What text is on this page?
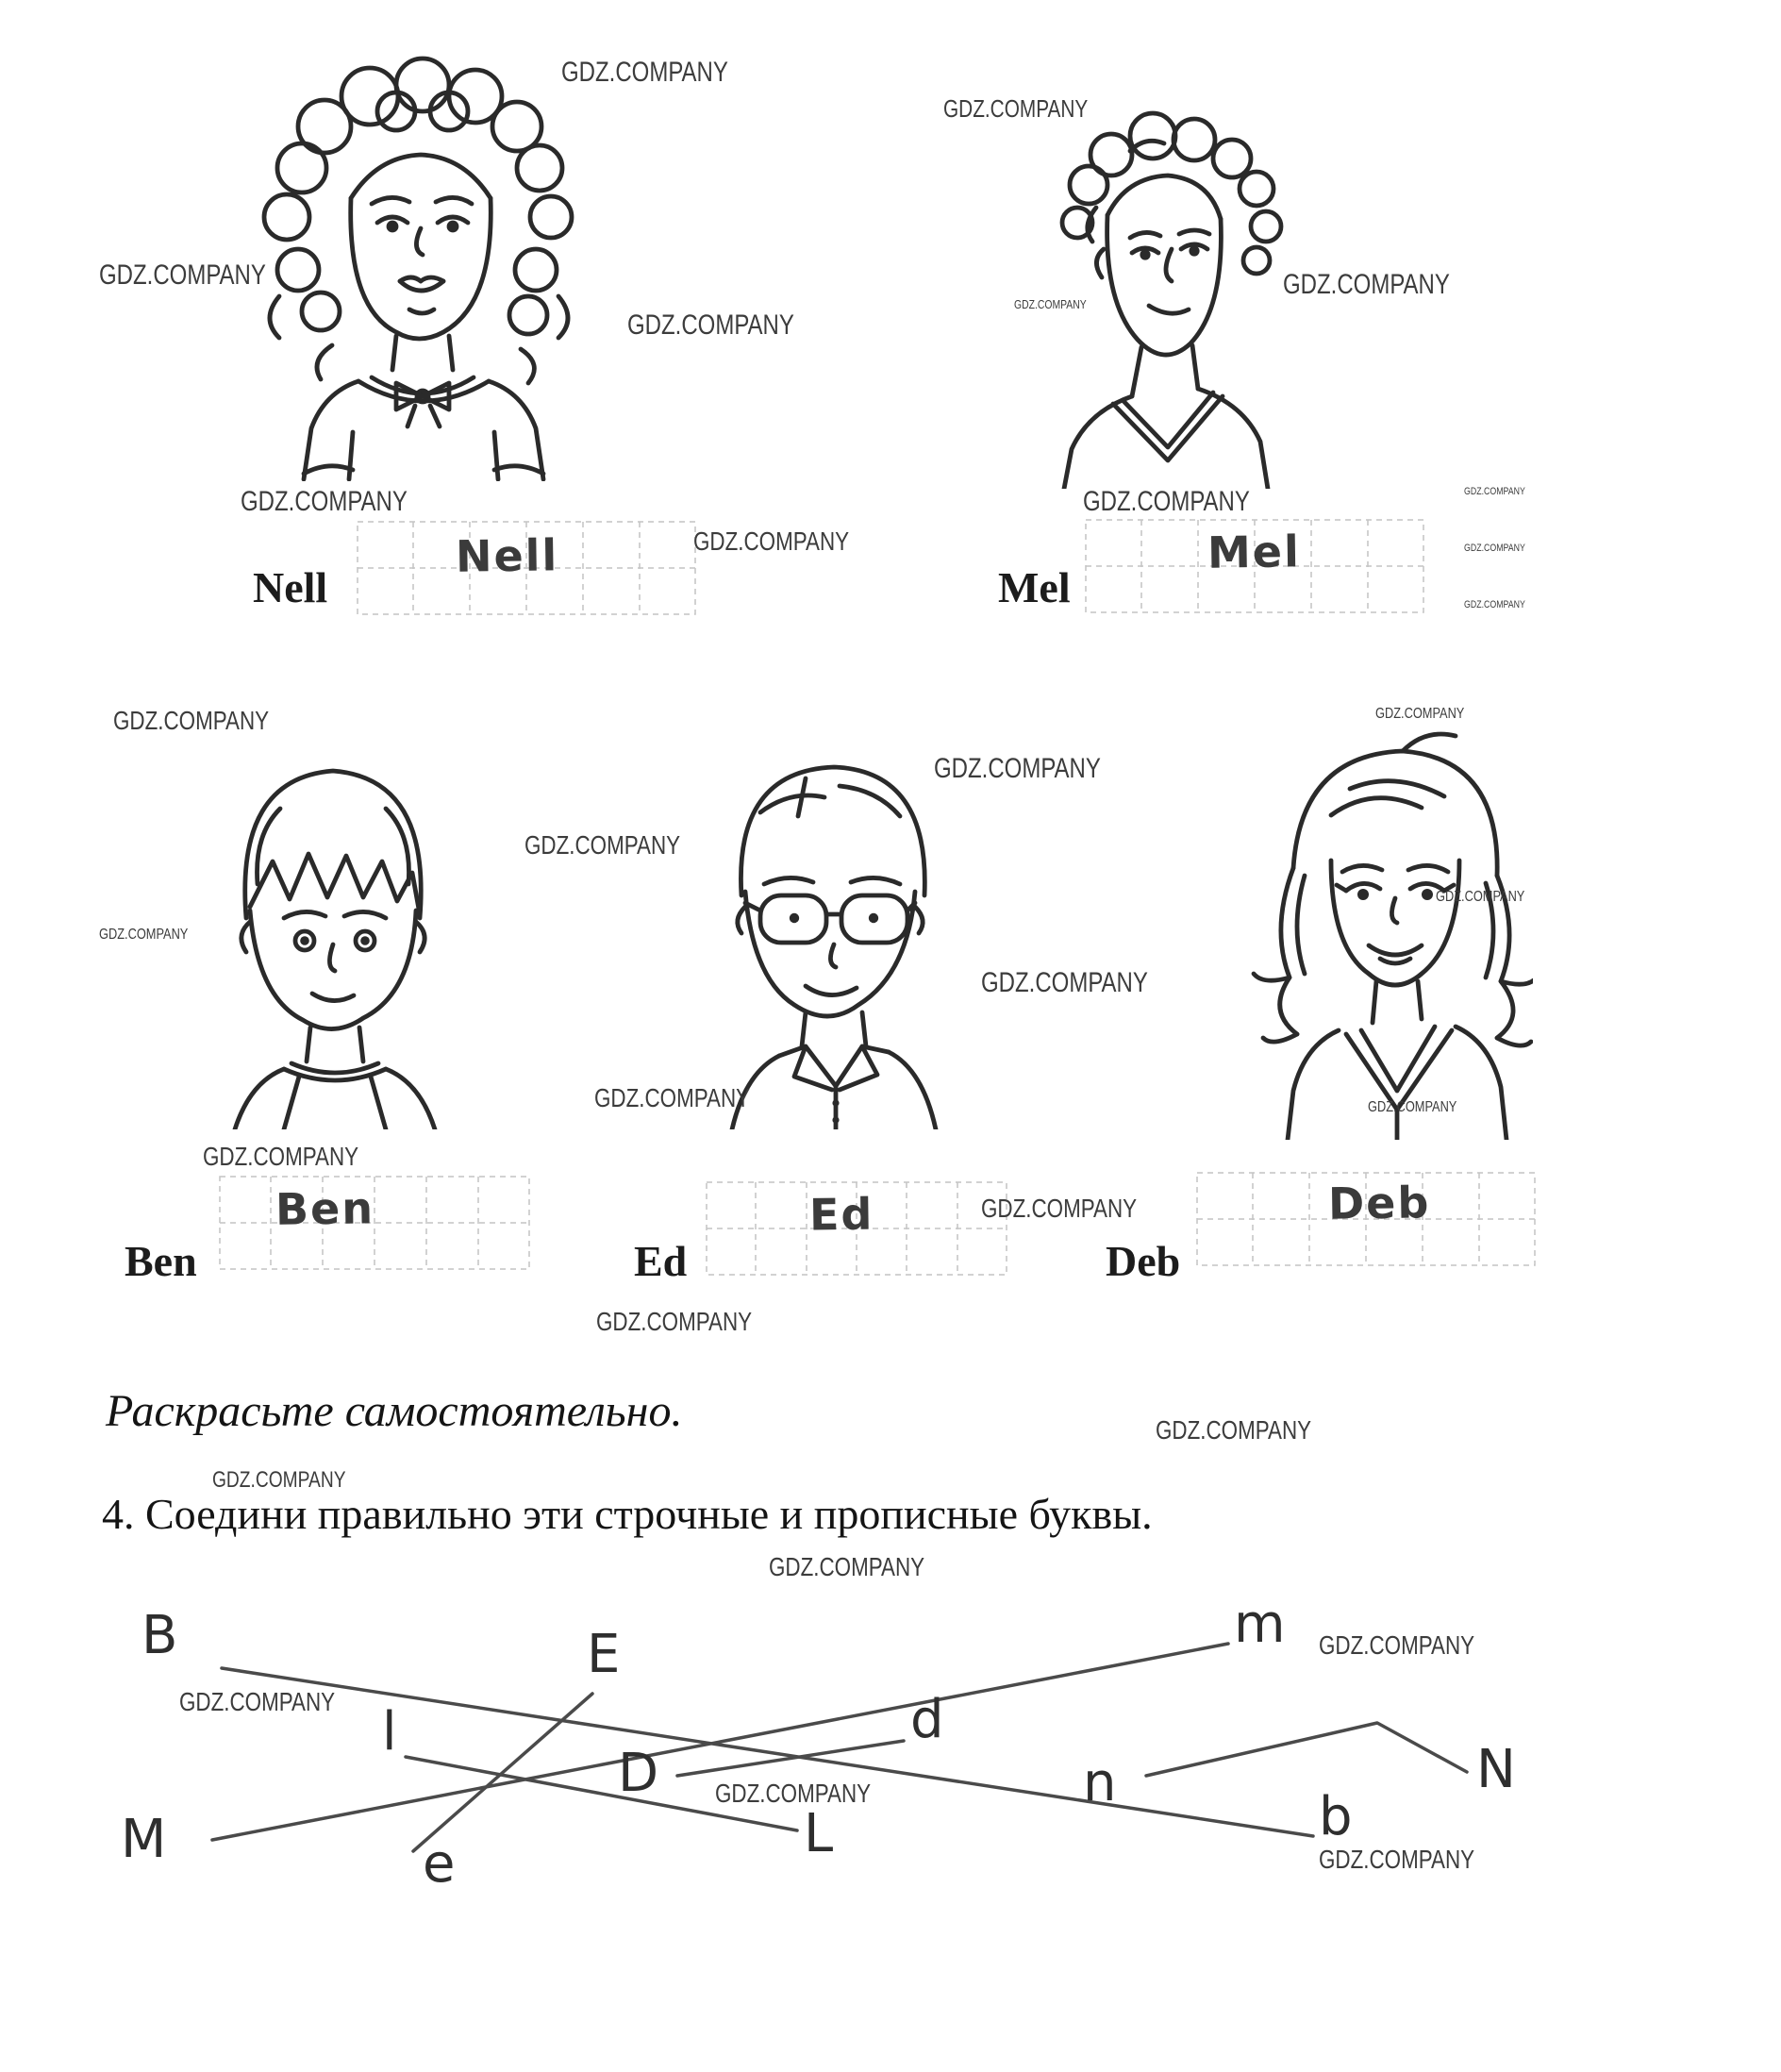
Nell
Nell
Mel
Mel
Ben
Ben
Ed
Ed
Deb
Deb
Раскрасьте самостоятельно.
4. Соедини правильно эти строчные и прописные буквы.
B	E	m
l	d
D	n	N
M	e	L	b
GDZ.COMPANY
GDZ.COMPANY
GDZ.COMPANY
GDZ.COMPANY
GDZ.COMPANY
GDZ.COMPANY
GDZ.COMPANY	GDZ.COMPANY
GDZ.COMPANY
GDZ.COMPANY
GDZ.COMPANY
GDZ.COMPANY
GDZ.COMPANY
GDZ.COMPANY
GDZ.COMPANY
GDZ.COMPANY
GDZ.COMPANY
GDZ.COMPANY
GDZ.COMPANY
GDZ.COMPANY	GDZ.COMPANY
GDZ.COMPANY
GDZ.COMPANY
GDZ.COMPANY
GDZ.COMPANY
GDZ.COMPANY
GDZ.COMPANY
GDZ.COMPANY
GDZ.COMPANY
GDZ.COMPANY
GDZ.COMPANY
